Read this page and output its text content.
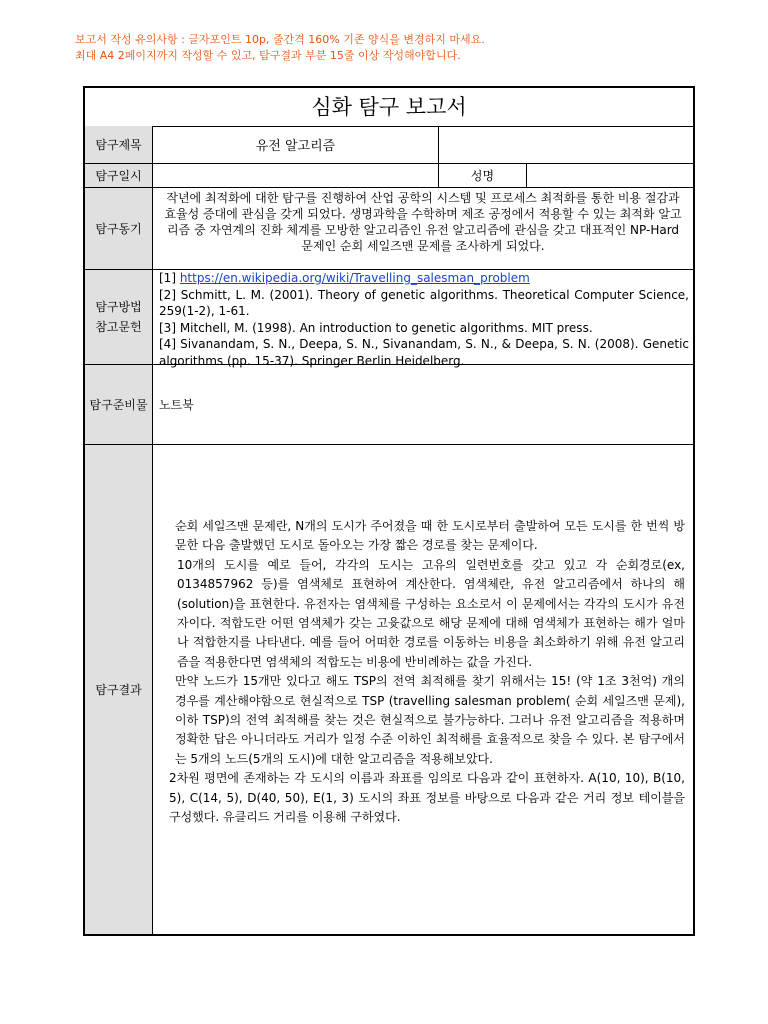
보고서 작성 유의사항 : 글자포인트 10p, 줄간격 160% 기존 양식을 변경하지 마세요.
최대 A4 2페이지까지 작성할 수 있고, 탐구결과 부분 15줄 이상 작성해야합니다.
심화 탐구 보고서
탐구제목	유전 알고리즘
탐구일시	성명
탐구동기
작년에 최적화에 대한 탐구를 진행하여 산업 공학의 시스템 및 프로세스 최적화를 통한 비용 절감과 효율성 증대에 관심을 갖게 되었다. 생명과학을 수학하며 제조 공정에서 적용할 수 있는 최적화 알고리즘 중 자연계의 진화 체계를 모방한 알고리즘인 유전 알고리즘에 관심을 갖고 대표적인 NP-Hard 문제인 순회 세일즈맨 문제를 조사하게 되었다.
탐구방법
참고문헌
[1] https://en.wikipedia.org/wiki/Travelling_salesman_problem
[2] Schmitt, L. M. (2001). Theory of genetic algorithms. Theoretical Computer Science, 259(1-2), 1-61.
[3] Mitchell, M. (1998). An introduction to genetic algorithms. MIT press.
[4] Sivanandam, S. N., Deepa, S. N., Sivanandam, S. N., & Deepa, S. N. (2008). Genetic algorithms (pp. 15-37). Springer Berlin Heidelberg.
탐구준비물 노트북
탐구결과

순회 세일즈맨 문제란, N개의 도시가 주어졌을 때 한 도시로부터 출발하여 모든 도시를 한 번씩 방문한 다음 출발했던 도시로 돌아오는 가장 짧은 경로를 찾는 문제이다.

10개의 도시를 예로 들어, 각각의 도시는 고유의 일련번호를 갖고 있고 각 순회경로(ex, 0134857962 등)를 염색체로 표현하여 계산한다. 염색체란, 유전 알고리즘에서 하나의 해(solution)을 표현한다. 유전자는 염색체를 구성하는 요소로서 이 문제에서는 각각의 도시가 유전자이다. 적합도란 어떤 염색체가 갖는 고윳값으로 해당 문제에 대해 염색체가 표현하는 해가 얼마나 적합한지를 나타낸다. 예를 들어 어떠한 경로를 이동하는 비용을 최소화하기 위해 유전 알고리즘을 적용한다면 염색체의 적합도는 비용에 반비례하는 값을 가진다.

만약 노드가 15개만 있다고 해도 TSP의 전역 최적해를 찾기 위해서는 15! (약 1조 3천억) 개의 경우를 계산해야함으로 현실적으로 TSP (travelling salesman problem( 순회 세일즈맨 문제), 이하 TSP)의 전역 최적해를 찾는 것은 현실적으로 불가능하다. 그러나 유전 알고리즘을 적용하며 정확한 답은 아니더라도 거리가 일정 수준 이하인 최적해를 효율적으로 찾을 수 있다. 본 탐구에서는 5개의 노드(5개의 도시)에 대한 알고리즘을 적용해보았다.

2차원 평면에 존재하는 각 도시의 이름과 좌표를 임의로 다음과 같이 표현하자. A(10, 10), B(10, 5), C(14, 5), D(40, 50), E(1, 3) 도시의 좌표 정보를 바탕으로 다음과 같은 거리 정보 테이블을 구성했다. 유클리드 거리를 이용해 구하였다.
